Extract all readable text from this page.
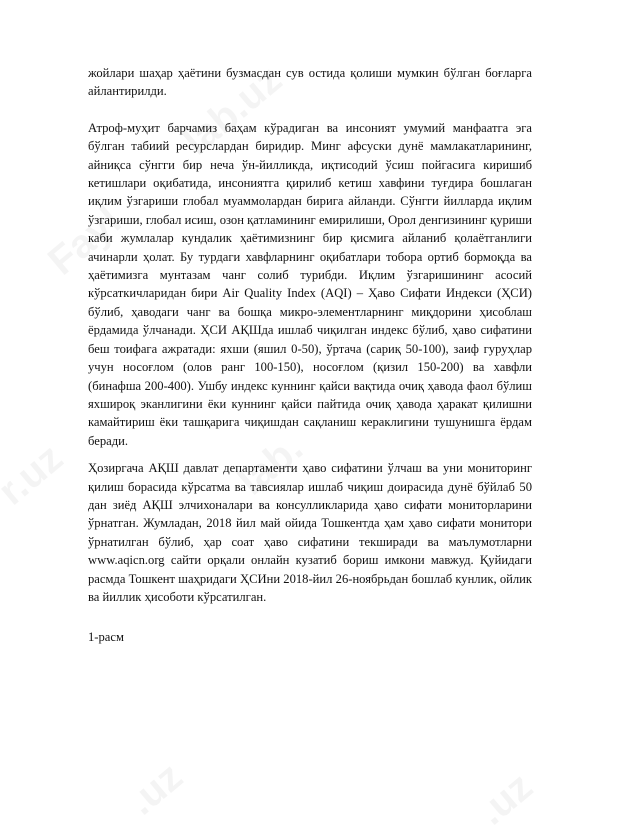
жойлари шаҳар ҳаётини бузмасдан сув остида қолиши мумкин бўлган боғларга айлантирилди.

Атроф-муҳит барчамиз баҳам кўрадиган ва инсоният умумий манфаатга эга бўлган табиий ресурслардан биридир. Минг афсуски дунё мамлакатларининг, айниқса сўнгги бир неча ўн-йилликда, иқтисодий ўсиш пойгасига киришиб кетишлари оқибатида, инсониятга қирилиб кетиш хавфини туғдира бошлаган иқлим ўзгариши глобал муаммолардан бирига айланди. Сўнгги йилларда иқлим ўзгариши, глобал исиш, озон қатламининг емирилиши, Орол денгизининг қуриши каби жумлалар кундалик ҳаётимизнинг бир қисмига айланиб қолаётганлиги ачинарли ҳолат. Бу турдаги хавфларнинг оқибатлари тобора ортиб бормоқда ва ҳаётимизга мунтазам чанг солиб турибди. Иқлим ўзгаришининг асосий кўрсаткичларидан бири Air Quality Index (AQI) – Ҳаво Сифати Индекси (ҲСИ) бўлиб, ҳаводаги чанг ва бошқа микро-элементларнинг миқдорини ҳисоблаш ёрдамида ўлчанади. ҲСИ АҚШда ишлаб чиқилган индекс бўлиб, ҳаво сифатини беш тоифага ажратади: яхши (яшил 0-50), ўртача (сариқ 50-100), заиф гуруҳлар учун носоғлом (олов ранг 100-150), носоғлом (қизил 150-200) ва хавфли (бинафша 200-400). Ушбу индекс куннинг қайси вақтида очиқ ҳавода фаол бўлиш яхшироқ эканлигини ёки куннинг қайси пайтида очиқ ҳавода ҳаракат қилишни камайтириш ёки ташқарига чиқишдан сақланиш кераклигини тушунишга ёрдам беради.

Ҳозиргача АҚШ давлат департаменти ҳаво сифатини ўлчаш ва уни мониторинг қилиш борасида кўрсатма ва тавсиялар ишлаб чиқиш доирасида дунё бўйлаб 50 дан зиёд АҚШ элчихоналари ва консулликларида ҳаво сифати мониторларини ўрнатган. Жумладан, 2018 йил май ойида Тошкентда ҳам ҳаво сифати монитори ўрнатилган бўлиб, ҳар соат ҳаво сифатини текширади ва маълумотларни www.aqicn.org сайти орқали онлайн кузатиб бориш имкони мавжуд. Қуйидаги расмда Тошкент шаҳридаги ҲСИни 2018-йил 26-ноябрьдан бошлаб кунлик, ойлик ва йиллик ҳисоботи кўрсатилган.

1-расм
